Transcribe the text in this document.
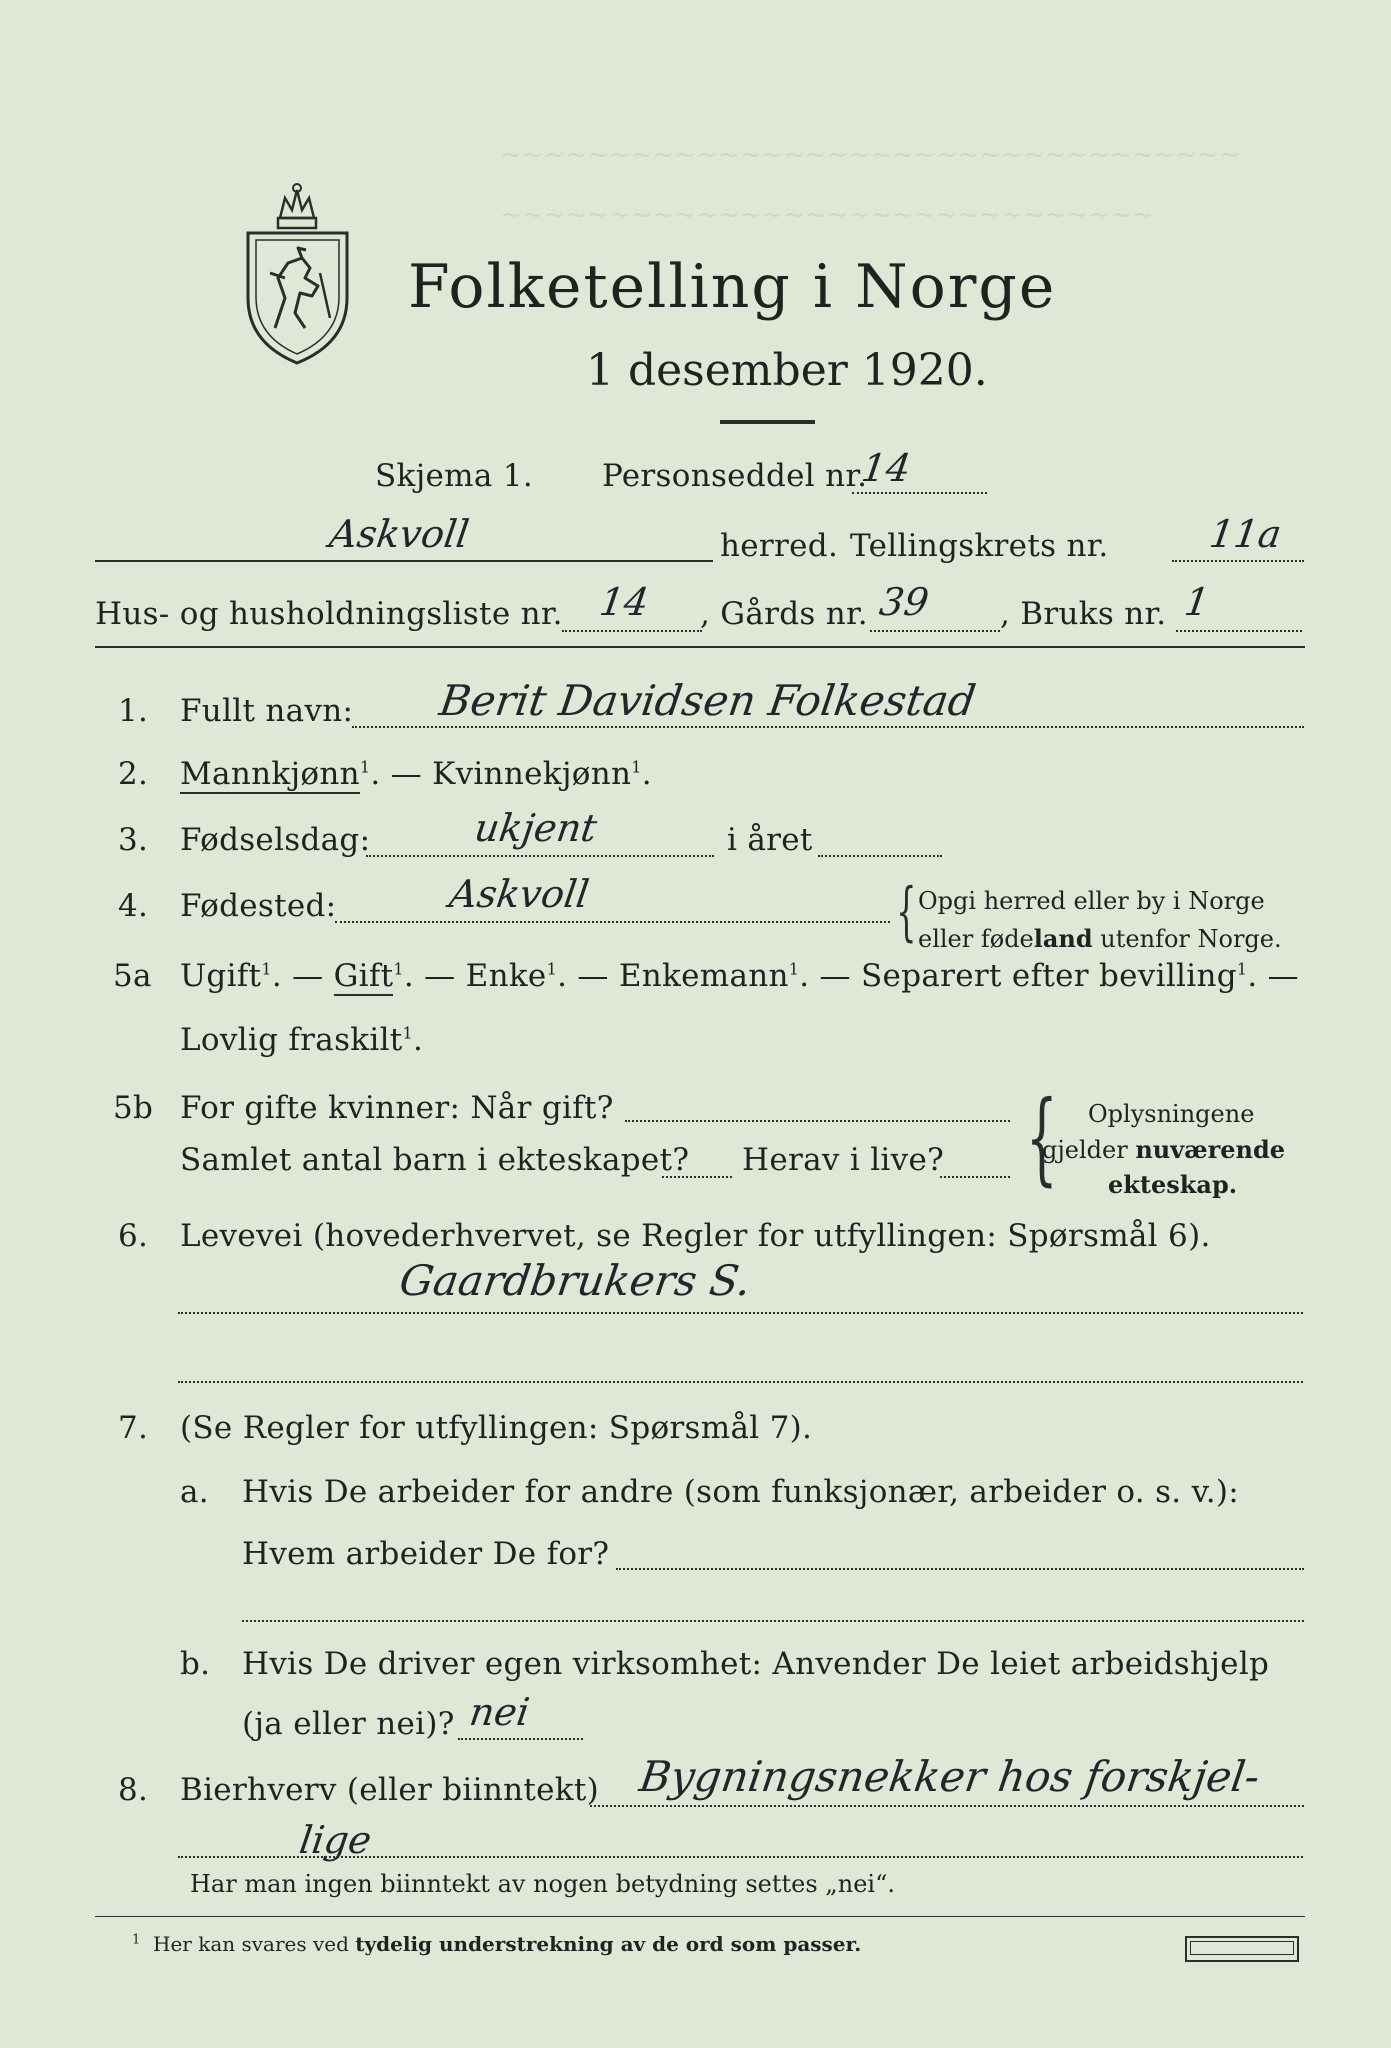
~~~~~~~~~~~~~~~~~~~~~~~~~~~~~~~~~~
~~~~~~~~~~~~~~~~~~~~~~~~~~~~~~
Folketelling i Norge
1 desember 1920.
Skjema 1. Personseddel nr.
14
Askvoll	herred. Tellingskrets nr.	11a
Hus- og husholdningsliste nr. 14 , Gårds nr. 39 , Bruks nr. 1
1. Fullt navn: Berit Davidsen Folkestad
2. Mannkjønn$^1$. — Kvinnekjønn$^1$.
3. Fødselsdag:	ukjent	i året
4. Fødested:	Askvoll	{ Opgi herred eller by i Norge
eller fødeland utenfor Norge.
5a Ugift$^1$. — Gift$^1$. — Enke$^1$. — Enkemann$^1$. — Separert efter bevilling$^1$. —
Lovlig fraskilt$^1$.
5b For gifte kvinner: Når gift?
Samlet antal barn i ekteskapet? Herav i live? { Oplysningene
gjelder nuværende
ekteskap.
6. Levevei (hovederhvervet, se Regler for utfyllingen: Spørsmål 6).
Gaardbrukers S.
7. (Se Regler for utfyllingen: Spørsmål 7).
a. Hvis De arbeider for andre (som funksjonær, arbeider o. s. v.):
Hvem arbeider De for?
b. Hvis De driver egen virksomhet: Anvender De leiet arbeidshjelp
(ja eller nei)? nei
8. Bierhverv (eller biinntekt) Bygningsnekker hos forskjel-
lige
Har man ingen biinntekt av nogen betydning settes „nei“.
$^1$ Her kan svares ved tydelig understrekning av de ord som passer.
